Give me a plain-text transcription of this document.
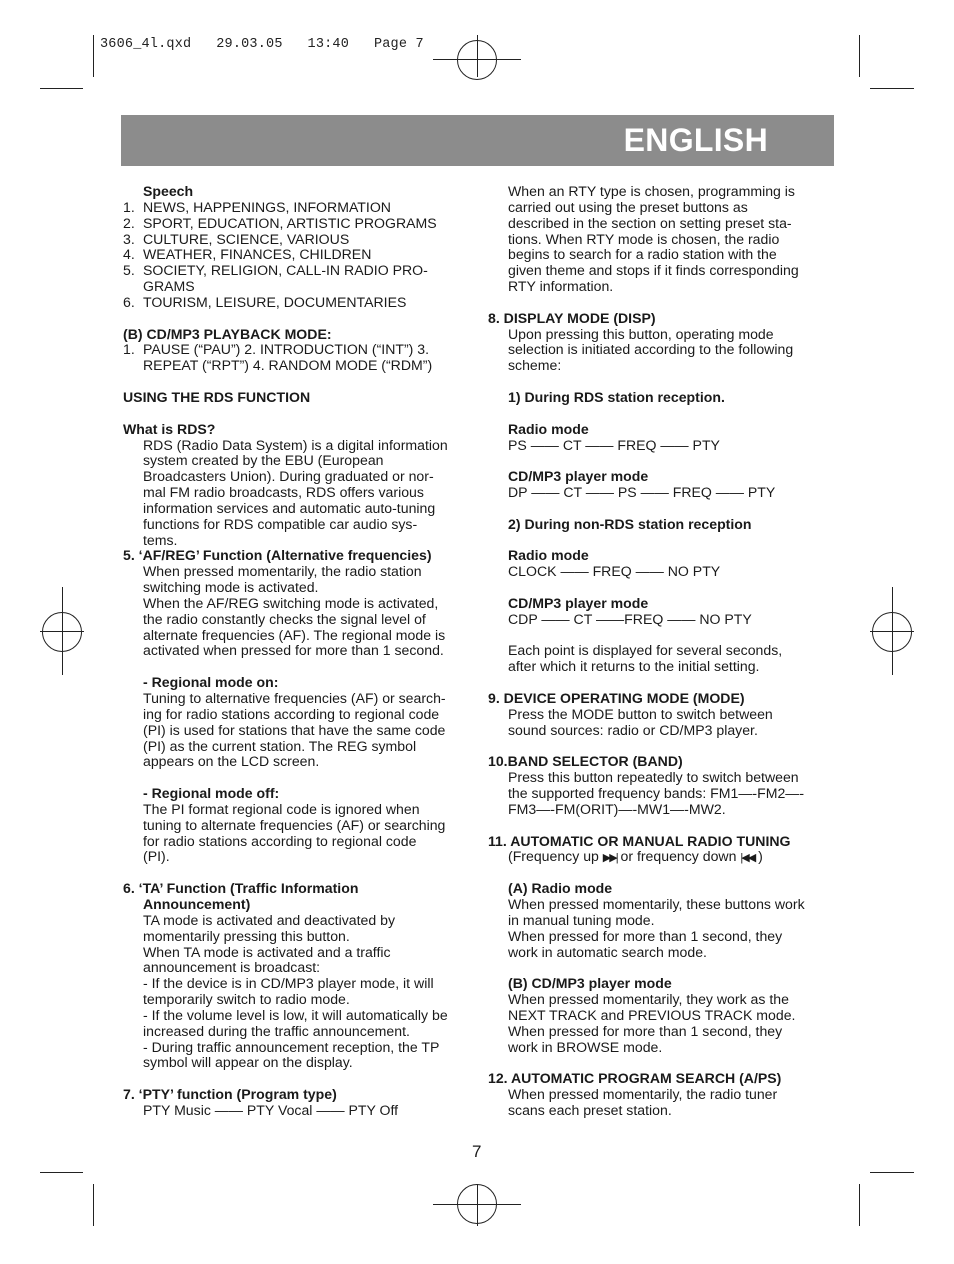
3606_4l.qxd   29.03.05   13:40   Page 7
ENGLISH
Speech
1. NEWS, HAPPENINGS, INFORMATION
2. SPORT, EDUCATION, ARTISTIC PROGRAMS
3. CULTURE, SCIENCE, VARIOUS
4. WEATHER, FINANCES, CHILDREN
5. SOCIETY, RELIGION, CALL-IN RADIO PRO-
GRAMS
6. TOURISM, LEISURE, DOCUMENTARIES
(B) CD/MP3 PLAYBACK MODE:
1. PAUSE (“PAU”) 2. INTRODUCTION (“INT”) 3.
REPEAT (“RPT”) 4. RANDOM MODE (“RDM”)
USING THE RDS FUNCTION
What is RDS?
RDS (Radio Data System) is a digital information
system created by the EBU (European
Broadcasters Union). During graduated or nor-
mal FM radio broadcasts, RDS offers various
information services and automatic auto-tuning
functions for RDS compatible car audio sys-
tems.
5. ‘AF/REG’ Function (Alternative frequencies)
When pressed momentarily, the radio station
switching mode is activated.
When the AF/REG switching mode is activated,
the radio constantly checks the signal level of
alternate frequencies (AF). The regional mode is
activated when pressed for more than 1 second.
- Regional mode on:
Tuning to alternative frequencies (AF) or search-
ing for radio stations according to regional code
(PI) is used for stations that have the same code
(PI) as the current station. The REG symbol
appears on the LCD screen.
- Regional mode off:
The PI format regional code is ignored when
tuning to alternate frequencies (AF) or searching
for radio stations according to regional code
(PI).
6. ‘TA’ Function (Traffic Information
Announcement)
TA mode is activated and deactivated by
momentarily pressing this button.
When TA mode is activated and a traffic
announcement is broadcast:
- If the device is in CD/MP3 player mode, it will
temporarily switch to radio mode.
- If the volume level is low, it will automatically be
increased during the traffic announcement.
- During traffic announcement reception, the TP
symbol will appear on the display.
7. ‘PTY’ function (Program type)
PTY Music —— PTY Vocal —— PTY Off
When an RTY type is chosen, programming is
carried out using the preset buttons as
described in the section on setting preset sta-
tions. When RTY mode is chosen, the radio
begins to search for a radio station with the
given theme and stops if it finds corresponding
RTY information.
8. DISPLAY MODE (DISP)
Upon pressing this button, operating mode
selection is initiated according to the following
scheme:
1) During RDS station reception.
Radio mode
PS —— CT —— FREQ —— PTY
CD/MP3 player mode
DP —— CT —— PS —— FREQ —— PTY
2) During non-RDS station reception
Radio mode
CLOCK —— FREQ —— NO PTY
CD/MP3 player mode
CDP —— CT ——FREQ —— NO PTY
Each point is displayed for several seconds,
after which it returns to the initial setting.
9. DEVICE OPERATING MODE (MODE)
Press the MODE button to switch between
sound sources: radio or CD/MP3 player.
10.BAND SELECTOR (BAND)
Press this button repeatedly to switch between
the supported frequency bands: FM1—-FM2—-
FM3—-FM(ORIT)—-MW1—-MW2.
11. AUTOMATIC OR MANUAL RADIO TUNING
(Frequency up ▶▶| or frequency down |◀◀ )
(A) Radio mode
When pressed momentarily, these buttons work
in manual tuning mode.
When pressed for more than 1 second, they
work in automatic search mode.
(B) CD/MP3 player mode
When pressed momentarily, they work as the
NEXT TRACK and PREVIOUS TRACK mode.
When pressed for more than 1 second, they
work in BROWSE mode.
12. AUTOMATIC PROGRAM SEARCH (A/PS)
When pressed momentarily, the radio tuner
scans each preset station.
7
